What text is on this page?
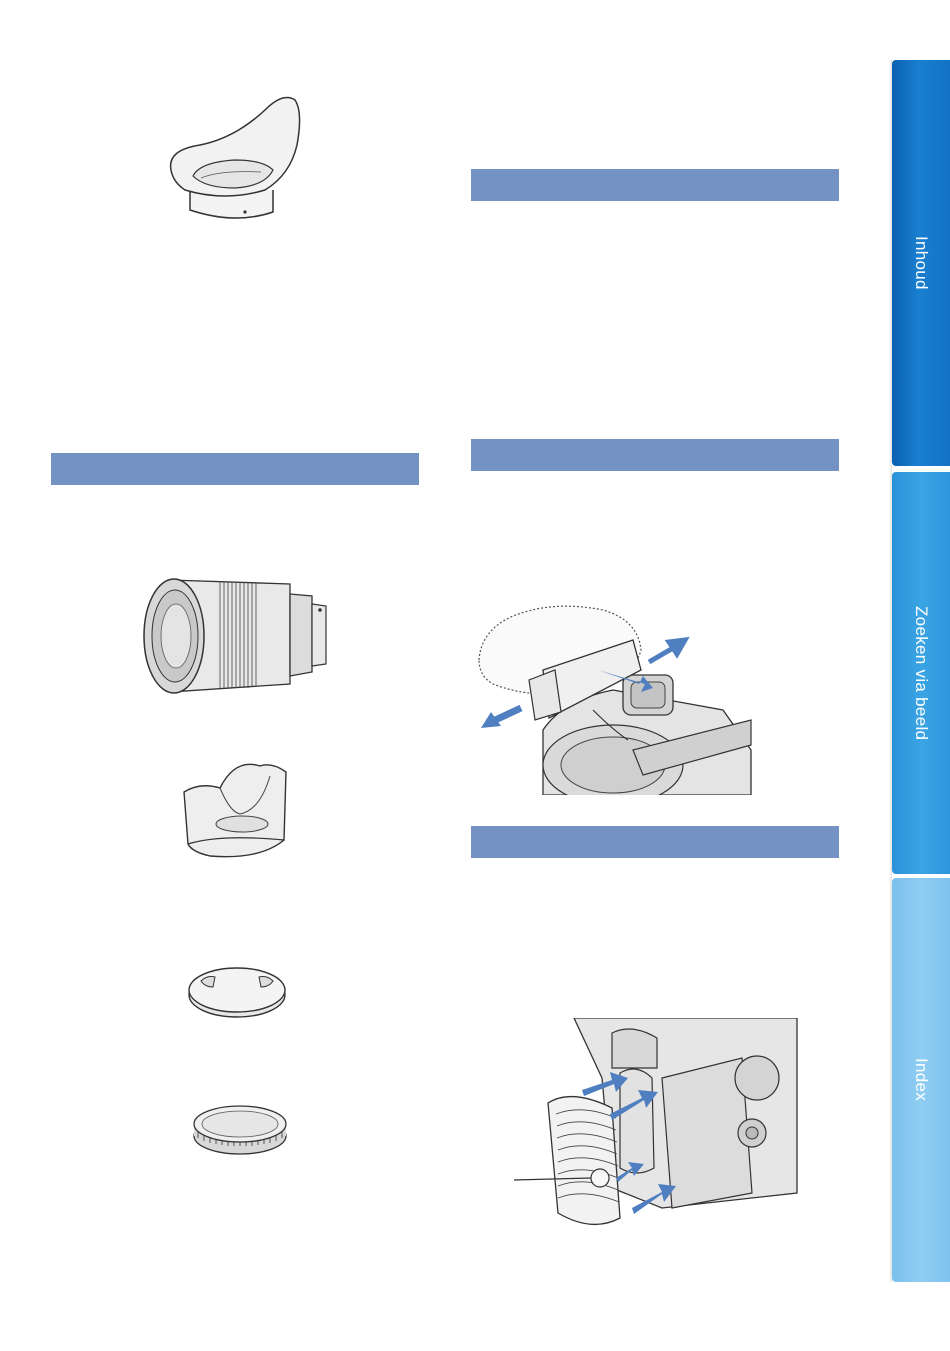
Inhoud
Zoeken via beeld
Index
